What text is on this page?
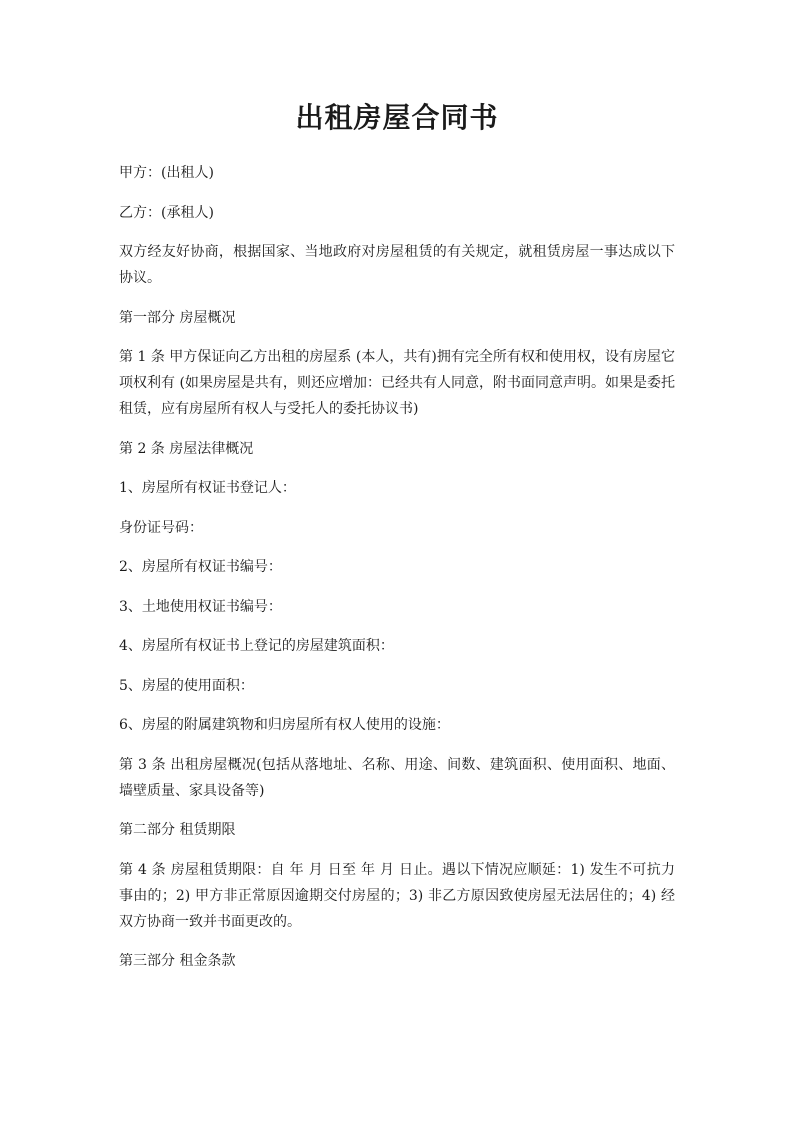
出租房屋合同书

甲方：(出租人)

乙方：(承租人)

双方经友好协商，根据国家、当地政府对房屋租赁的有关规定，就租赁房屋一事达成以下协议。

第一部分 房屋概况

第 1 条 甲方保证向乙方出租的房屋系 (本人，共有)拥有完全所有权和使用权，设有房屋它项权利有 (如果房屋是共有，则还应增加：已经共有人同意，附书面同意声明。如果是委托租赁，应有房屋所有权人与受托人的委托协议书)

第 2 条 房屋法律概况

1、房屋所有权证书登记人：

身份证号码：

2、房屋所有权证书编号：

3、土地使用权证书编号：

4、房屋所有权证书上登记的房屋建筑面积：

5、房屋的使用面积：

6、房屋的附属建筑物和归房屋所有权人使用的设施：

第 3 条 出租房屋概况(包括从落地址、名称、用途、间数、建筑面积、使用面积、地面、墙壁质量、家具设备等)

第二部分 租赁期限

第 4 条 房屋租赁期限：自 年 月 日至 年 月 日止。遇以下情况应顺延：1) 发生不可抗力事由的；2) 甲方非正常原因逾期交付房屋的；3) 非乙方原因致使房屋无法居住的；4) 经双方协商一致并书面更改的。

第三部分 租金条款
